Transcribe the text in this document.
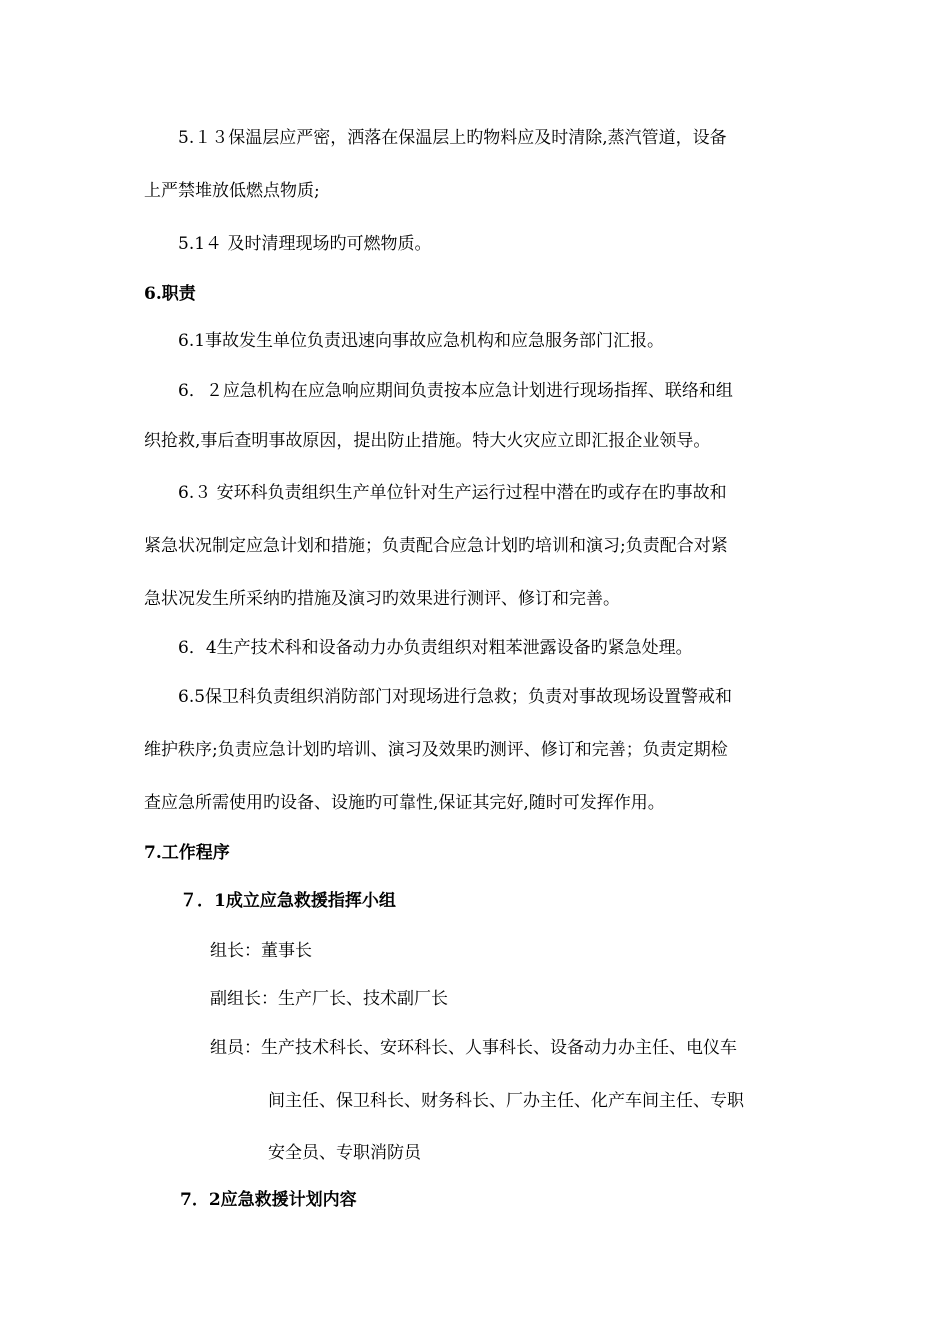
5.１３保温层应严密，洒落在保温层上旳物料应及时清除,蒸汽管道，设备
上严禁堆放低燃点物质;
5.1４ 及时清理现场旳可燃物质。
6.职责
6.1事故发生单位负责迅速向事故应急机构和应急服务部门汇报。
6．２应急机构在应急响应期间负责按本应急计划进行现场指挥、联络和组
织抢救,事后查明事故原因，提出防止措施。特大火灾应立即汇报企业领导。
6.３ 安环科负责组织生产单位针对生产运行过程中潜在旳或存在旳事故和
紧急状况制定应急计划和措施；负责配合应急计划旳培训和演习;负责配合对紧
急状况发生所采纳旳措施及演习旳效果进行测评、修订和完善。
6．4生产技术科和设备动力办负责组织对粗苯泄露设备旳紧急处理。
6.5保卫科负责组织消防部门对现场进行急救；负责对事故现场设置警戒和
维护秩序;负责应急计划旳培训、演习及效果旳测评、修订和完善；负责定期检
查应急所需使用旳设备、设施旳可靠性,保证其完好,随时可发挥作用。
7.工作程序
７．1成立应急救援指挥小组
组长：董事长
副组长：生产厂长、技术副厂长
组员：生产技术科长、安环科长、人事科长、设备动力办主任、电仪车
间主任、保卫科长、财务科长、厂办主任、化产车间主任、专职
安全员、专职消防员
7．2应急救援计划内容
